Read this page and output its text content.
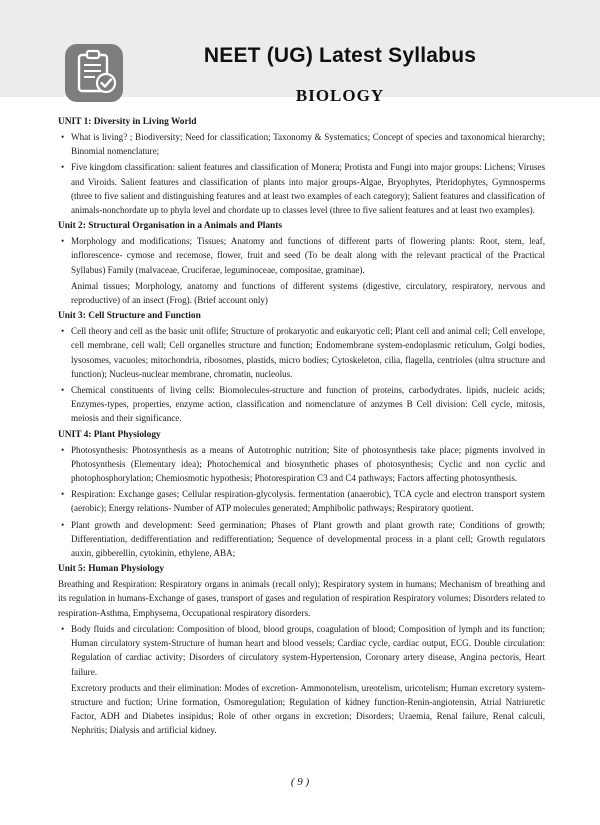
NEET (UG) Latest Syllabus
BIOLOGY

UNIT 1: Diversity in Living World

• What is living? ; Biodiversity; Need for classification; Taxonomy & Systematics; Concept of species and taxonomical hierarchy; Binomial nomenclature;
• Five kingdom classification: salient features and classification of Monera; Protista and Fungi into major groups: Lichens; Viruses and Viroids. Salient features and classification of plants into major groups-Algae, Bryophytes, Pteridophytes, Gymnosperms (three to five salient and distinguishing features and at least two examples of each category); Salient features and classification of animals-nonchordate up to phyla level and chordate up to classes level (three to five salient features and at least two examples).

Unit 2: Structural Organisation in a Animals and Plants

• Morphology and modifications; Tissues; Anatomy and functions of different parts of flowering plants: Root, stem, leaf, inflorescence- cymose and recemose, flower, fruit and seed (To be dealt along with the relevant practical of the Practical Syllabus) Family (malvaceae, Cruciferae, leguminoceae, compositae, graminae).

Animal tissues; Morphology, anatomy and functions of different systems (digestive, circulatory, respiratory, nervous and reproductive) of an insect (Frog). (Brief account only)

Unit 3: Cell Structure and Function

• Cell theory and cell as the basic unit oflife; Structure of prokaryotic and eukaryotic cell; Plant cell and animal cell; Cell envelope, cell membrane, cell wall; Cell organelles structure and function; Endomembrane system-endoplasmic reticulum, Golgi bodies, lysosomes, vacuoles; mitochondria, ribosomes, plastids, micro bodies; Cytoskeleton, cilia, flagella, centrioles (ultra structure and function); Nucleus-nuclear membrane, chromatin, nucleolus.
• Chemical constituents of living cells: Biomolecules-structure and function of proteins, carbodydrates. lipids, nucleic acids; Enzymes-types, properties, enzyme action, classification and nomenclature of anzymes B Cell division: Cell cycle, mitosis, meiosis and their significance.

UNIT 4: Plant Physiology

• Photosynthesis: Photosynthesis as a means of Autotrophic nutrition; Site of photosynthesis take place; pigments involved in Photosynthesis (Elementary idea); Photochemical and biosynthetic phases of photosynthesis; Cyclic and non cyclic and photophosphorylation; Chemiosmotic hypothesis; Photorespiration C3 and C4 pathways; Factors affecting photosynthesis.
• Respiration: Exchange gases; Cellular respiration-glycolysis. fermentation (anaerobic), TCA cycle and electron transport system (aerobic); Energy relations- Number of ATP molecules generated; Amphibolic pathways; Respiratory quotient.
• Plant growth and development: Seed germination; Phases of Plant growth and plant growth rate; Conditions of growth; Differentiation, dedifferentiation and redifferentiation; Sequence of developmental process in a plant cell; Growth regulators auxin, gibberellin, cytokinin, ethylene, ABA;

Unit 5: Human Physiology

Breathing and Respiration: Respiratory organs in animals (recall only); Respiratory system in humans; Mechanism of breathing and its regulation in humans-Exchange of gases, transport of gases and regulation of respiration Respiratory volumes; Disorders related to respiration-Asthma, Emphysema, Occupational respiratory disorders.

• Body fluids and circulation: Composition of blood, blood groups, coagulation of blood; Composition of lymph and its function; Human circulatory system-Structure of human heart and blood vessels; Cardiac cycle, cardiac output, ECG. Double circulation: Regulation of cardiac activity; Disorders of circulatory system-Hypertension, Coronary artery disease, Angina pectoris, Heart failure.

Excretory products and their elimination: Modes of excretion- Ammonotelism, ureotelism, uricotelism; Human excretory system-structure and fuction; Urine formation, Osmoregulation; Regulation of kidney function-Renin-angiotensin, Atrial Natriuretic Factor, ADH and Diabetes insipidus; Role of other organs in excretion; Disorders; Uraemia, Renal failure, Renal calculi, Nephritis; Dialysis and artificial kidney.

( 9 )
